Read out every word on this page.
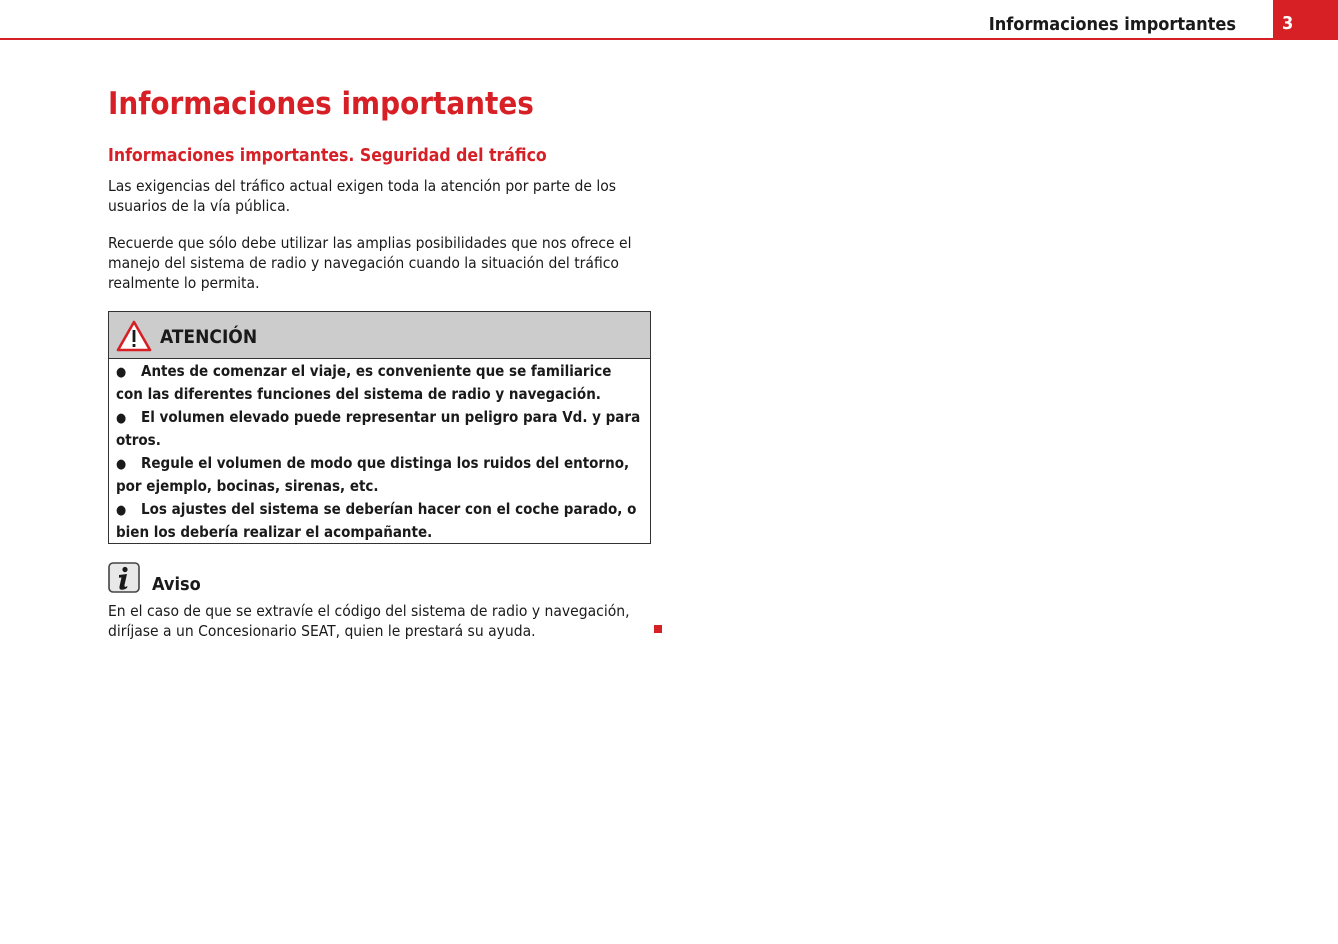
Informaciones importantes	3
Informaciones importantes
Informaciones importantes. Seguridad del tráfico

Las exigencias del tráfico actual exigen toda la atención por parte de los usuarios de la vía pública.

Recuerde que sólo debe utilizar las amplias posibilidades que nos ofrece el manejo del sistema de radio y navegación cuando la situación del tráfico realmente lo permita.

ATENCIÓN
● Antes de comenzar el viaje, es conveniente que se familiarice con las diferentes funciones del sistema de radio y navegación.
● El volumen elevado puede representar un peligro para Vd. y para otros.
● Regule el volumen de modo que distinga los ruidos del entorno, por ejemplo, bocinas, sirenas, etc.
● Los ajustes del sistema se deberían hacer con el coche parado, o bien los debería realizar el acompañante.
Aviso

En el caso de que se extravíe el código del sistema de radio y navegación, diríjase a un Concesionario SEAT, quien le prestará su ayuda.
